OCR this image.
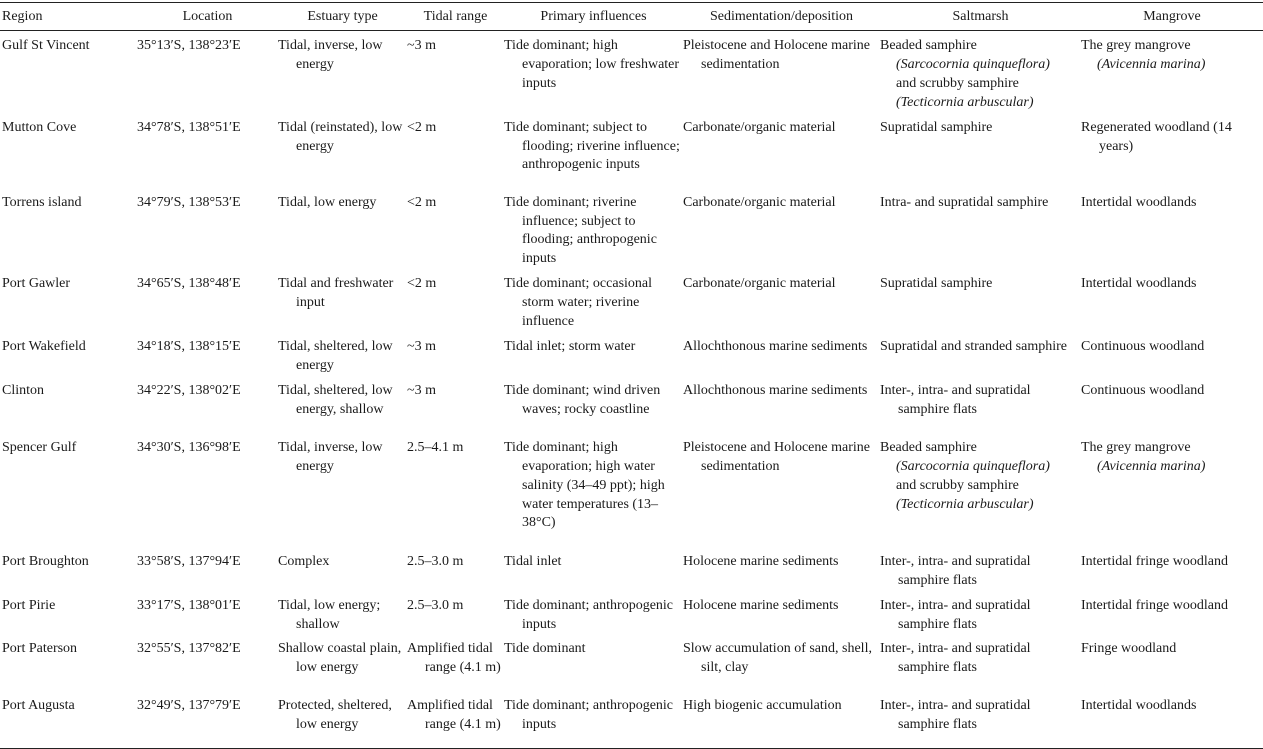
Region	Location	Estuary type	Tidal range	Primary influences	Sedimentation/deposition	Saltmarsh	Mangrove

Gulf St Vincent	35°13′S, 138°23′E	Tidal, inverse, low energy	~3 m	Tide dominant; high evaporation; low freshwater inputs	Pleistocene and Holocene marine sedimentation	Beaded samphire
(Sarcocornia quinqueflora)
and scrubby samphire
(Tecticornia arbuscular)	The grey mangrove
(Avicennia marina)

Mutton Cove	34°78′S, 138°51′E	Tidal (reinstated), low energy	<2 m	Tide dominant; subject to flooding; riverine influence; anthropogenic inputs	Carbonate/organic material	Supratidal samphire	Regenerated woodland (14 years)

Torrens island	34°79′S, 138°53′E	Tidal, low energy	<2 m	Tide dominant; riverine influence; subject to flooding; anthropogenic inputs	Carbonate/organic material	Intra- and supratidal samphire	Intertidal woodlands

Port Gawler	34°65′S, 138°48′E	Tidal and freshwater input	<2 m	Tide dominant; occasional storm water; riverine influence	Carbonate/organic material	Supratidal samphire	Intertidal woodlands

Port Wakefield	34°18′S, 138°15′E	Tidal, sheltered, low energy	~3 m	Tidal inlet; storm water	Allochthonous marine sediments	Supratidal and stranded samphire	Continuous woodland

Clinton	34°22′S, 138°02′E	Tidal, sheltered, low energy, shallow	~3 m	Tide dominant; wind driven waves; rocky coastline	Allochthonous marine sediments	Inter-, intra- and supratidal samphire flats	Continuous woodland

Spencer Gulf	34°30′S, 136°98′E	Tidal, inverse, low energy	2.5–4.1 m	Tide dominant; high evaporation; high water salinity (34–49 ppt); high water temperatures (13–38°C)	Pleistocene and Holocene marine sedimentation	Beaded samphire
(Sarcocornia quinqueflora)
and scrubby samphire
(Tecticornia arbuscular)	The grey mangrove
(Avicennia marina)

Port Broughton	33°58′S, 137°94′E	Complex	2.5–3.0 m	Tidal inlet	Holocene marine sediments	Inter-, intra- and supratidal samphire flats	Intertidal fringe woodland

Port Pirie	33°17′S, 138°01′E	Tidal, low energy; shallow	2.5–3.0 m	Tide dominant; anthropogenic inputs	Holocene marine sediments	Inter-, intra- and supratidal samphire flats	Intertidal fringe woodland

Port Paterson	32°55′S, 137°82′E	Shallow coastal plain, low energy	Amplified tidal range (4.1 m)	Tide dominant	Slow accumulation of sand, shell, silt, clay	Inter-, intra- and supratidal samphire flats	Fringe woodland

Port Augusta	32°49′S, 137°79′E	Protected, sheltered, low energy	Amplified tidal range (4.1 m)	Tide dominant; anthropogenic inputs	High biogenic accumulation	Inter-, intra- and supratidal samphire flats	Intertidal woodlands
